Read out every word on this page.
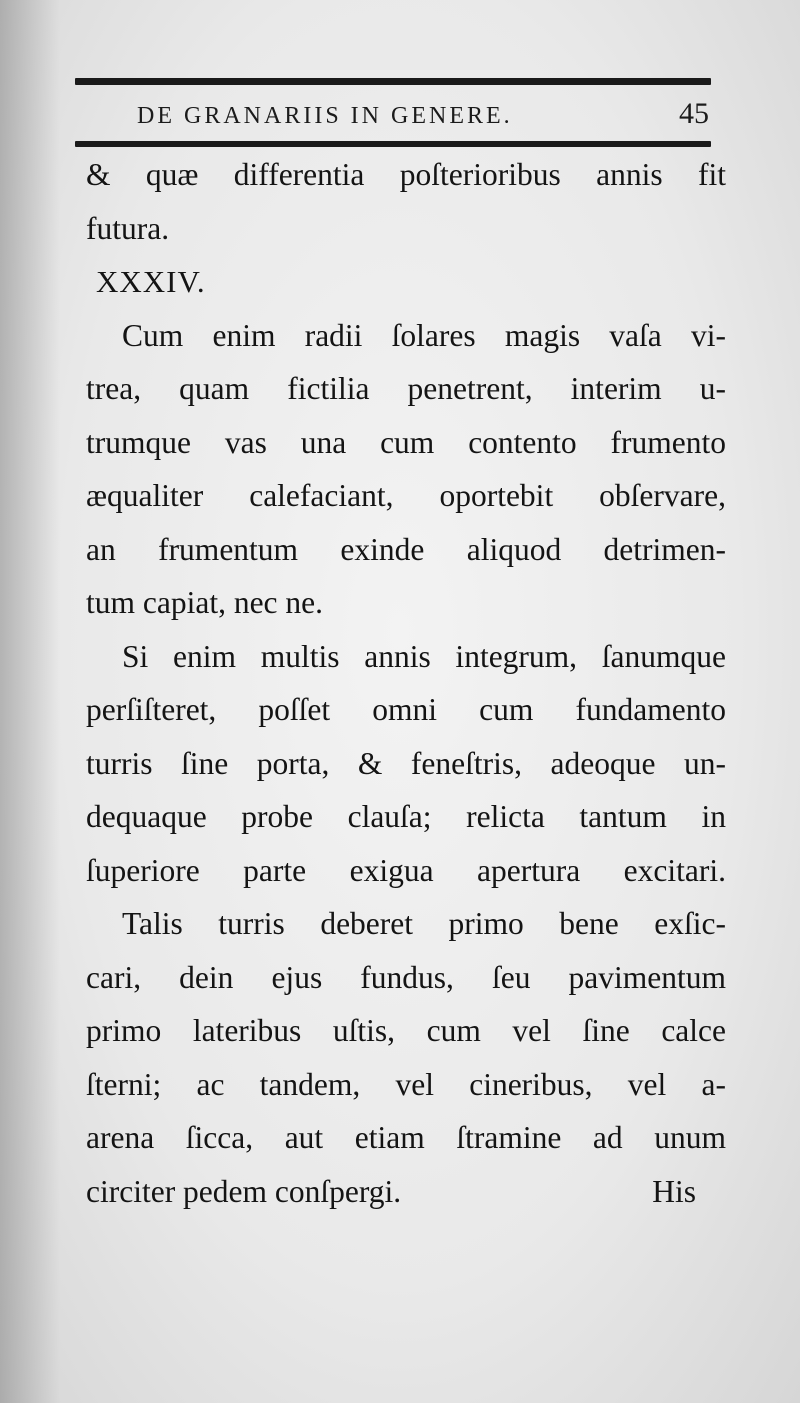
DE GRANARIIS IN GENERE.	45

& quæ differentia poſterioribus annis fit
futura.

XXXIV.

Cum enim radii ſolares magis vaſa vi-
trea, quam fictilia penetrent, interim u-
trumque vas una cum contento frumento
æqualiter calefaciant, oportebit obſervare,
an frumentum exinde aliquod detrimen-
tum capiat, nec ne.

Si enim multis annis integrum, ſanumque
perſiſteret, poſſet omni cum fundamento
turris ſine porta, & feneſtris, adeoque un-
dequaque probe clauſa; relicta tantum in
ſuperiore parte exigua apertura excitari.

Talis turris deberet primo bene exſic-
cari, dein ejus fundus, ſeu pavimentum
primo lateribus uſtis, cum vel ſine calce
ſterni; ac tandem, vel cineribus, vel a-
arena ſicca, aut etiam ſtramine ad unum
circiter pedem conſpergi.	His
